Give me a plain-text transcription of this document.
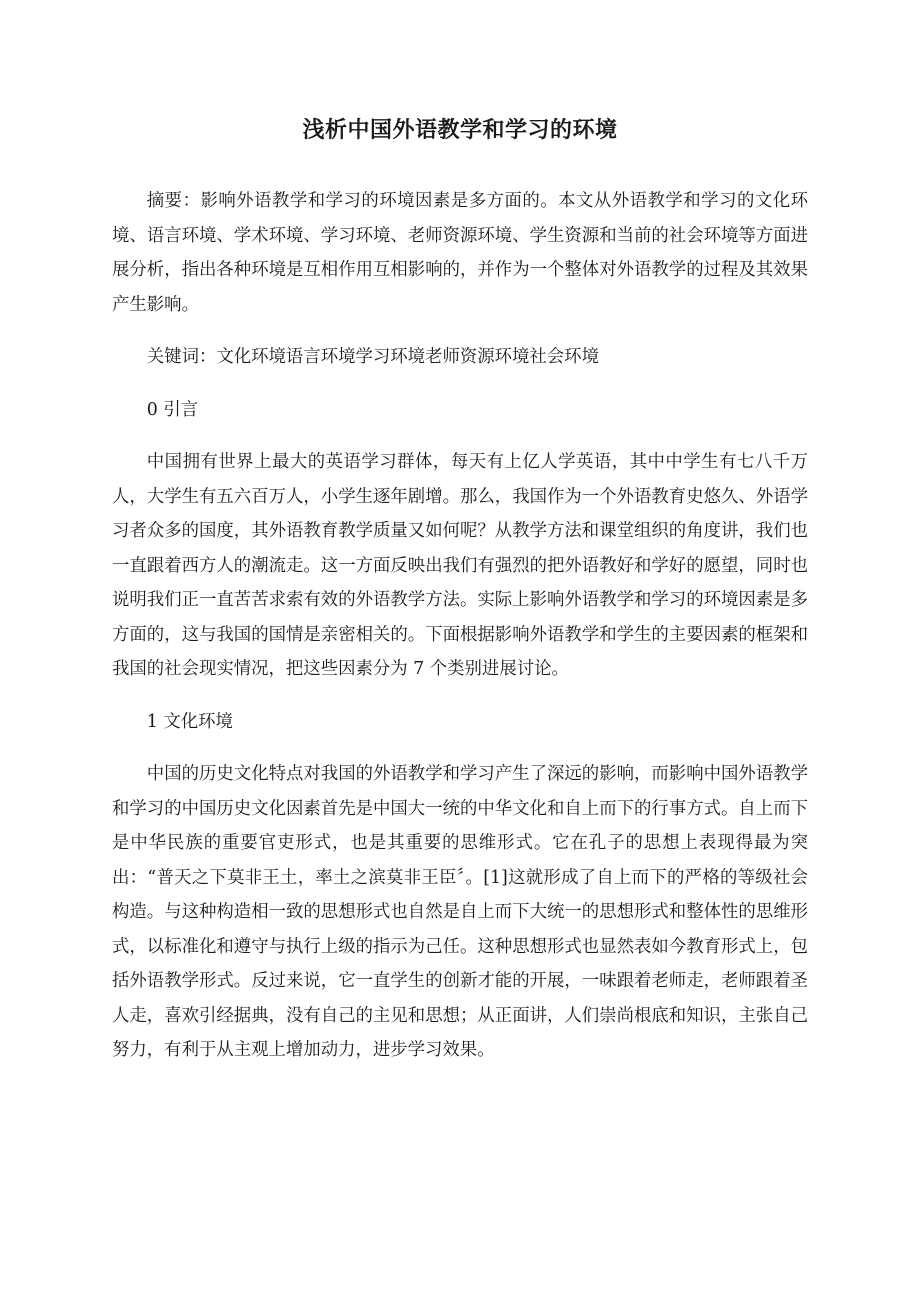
浅析中国外语教学和学习的环境

摘要：影响外语教学和学习的环境因素是多方面的。本文从外语教学和学习的文化环境、语言环境、学术环境、学习环境、老师资源环境、学生资源和当前的社会环境等方面进展分析，指出各种环境是互相作用互相影响的，并作为一个整体对外语教学的过程及其效果产生影响。

关键词：文化环境语言环境学习环境老师资源环境社会环境

0 引言

中国拥有世界上最大的英语学习群体，每天有上亿人学英语，其中中学生有七八千万人，大学生有五六百万人，小学生逐年剧增。那么，我国作为一个外语教育史悠久、外语学习者众多的国度，其外语教育教学质量又如何呢？从教学方法和课堂组织的角度讲，我们也一直跟着西方人的潮流走。这一方面反映出我们有强烈的把外语教好和学好的愿望，同时也说明我们正一直苦苦求索有效的外语教学方法。实际上影响外语教学和学习的环境因素是多方面的，这与我国的国情是亲密相关的。下面根据影响外语教学和学生的主要因素的框架和我国的社会现实情况，把这些因素分为 7 个类别进展讨论。

1 文化环境

中国的历史文化特点对我国的外语教学和学习产生了深远的影响，而影响中国外语教学和学习的中国历史文化因素首先是中国大一统的中华文化和自上而下的行事方式。自上而下是中华民族的重要官吏形式，也是其重要的思维形式。它在孔子的思想上表现得最为突出：“普天之下莫非王土，率土之滨莫非王臣〞。[1]这就形成了自上而下的严格的等级社会构造。与这种构造相一致的思想形式也自然是自上而下大统一的思想形式和整体性的思维形式，以标准化和遵守与执行上级的指示为己任。这种思想形式也显然表如今教育形式上，包括外语教学形式。反过来说，它一直学生的创新才能的开展，一味跟着老师走，老师跟着圣人走，喜欢引经据典，没有自己的主见和思想；从正面讲，人们崇尚根底和知识，主张自己努力，有利于从主观上增加动力，进步学习效果。
